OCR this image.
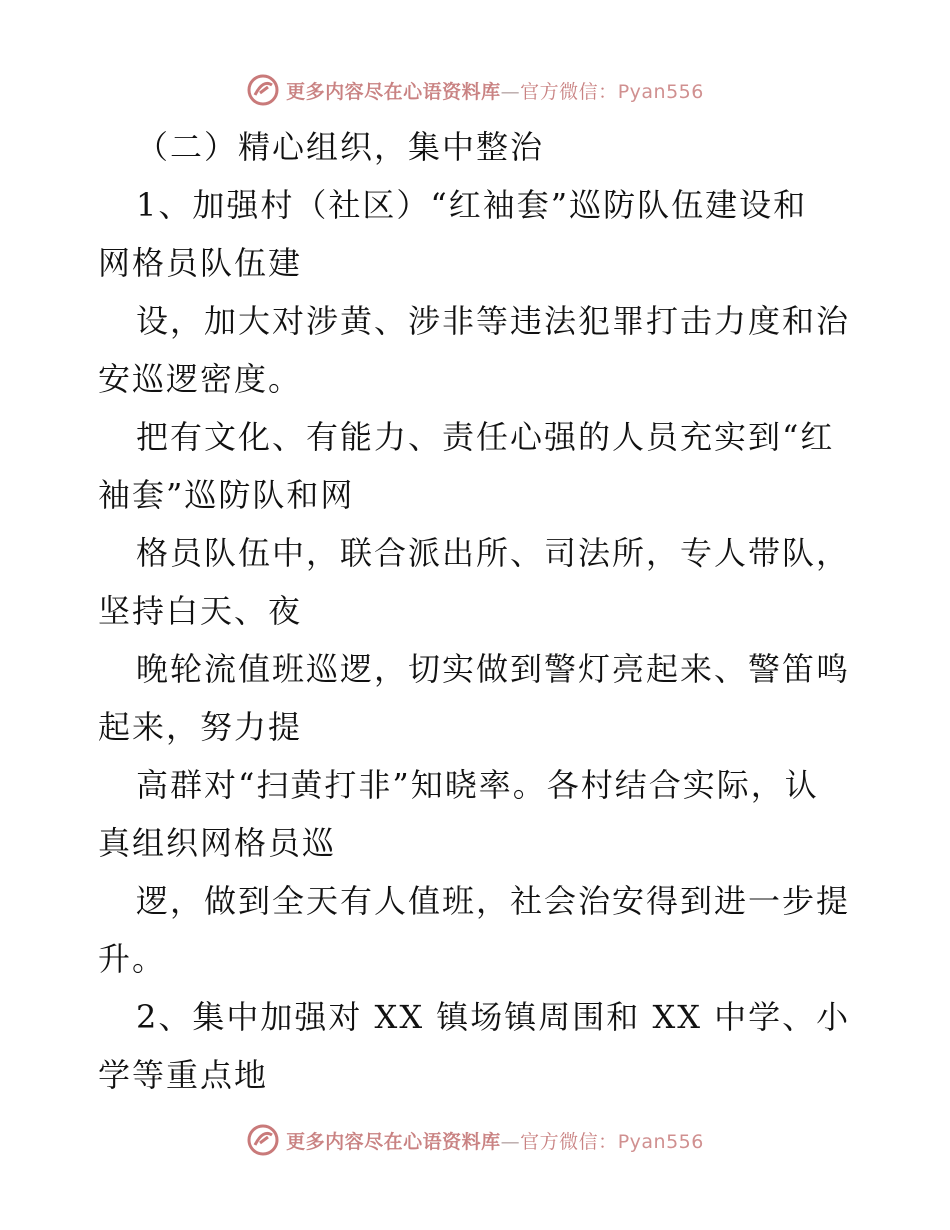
更多内容尽在心语资料库—官方微信：Pyan556
（二）精心组织，集中整治
1、加强村（社区）“红袖套”巡防队伍建设和
网格员队伍建
设，加大对涉黄、涉非等违法犯罪打击力度和治
安巡逻密度。
把有文化、有能力、责任心强的人员充实到“红
袖套”巡防队和网
格员队伍中，联合派出所、司法所，专人带队，
坚持白天、夜
晚轮流值班巡逻，切实做到警灯亮起来、警笛鸣
起来，努力提
高群对“扫黄打非”知晓率。各村结合实际，认
真组织网格员巡
逻，做到全天有人值班，社会治安得到进一步提
升。
2、集中加强对 XX 镇场镇周围和 XX 中学、小
学等重点地
更多内容尽在心语资料库—官方微信：Pyan556
